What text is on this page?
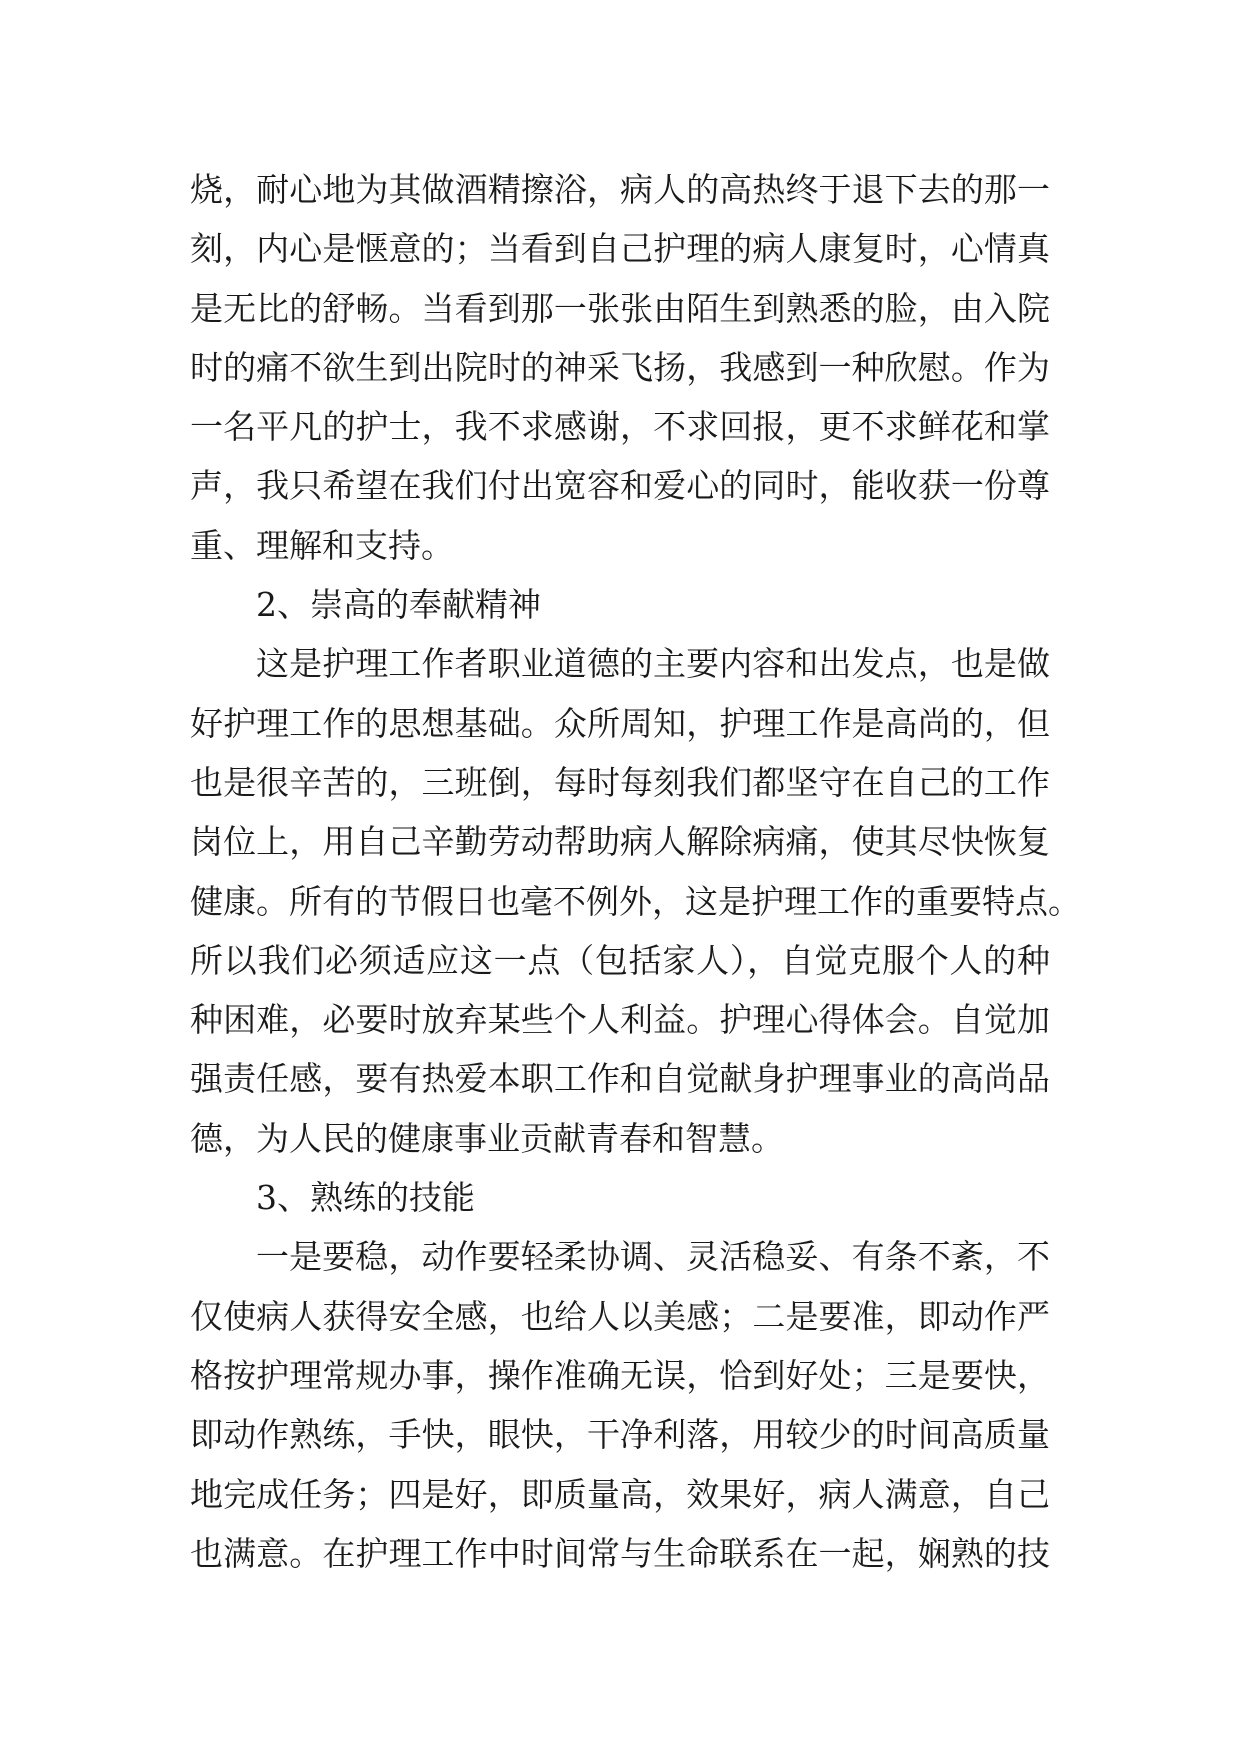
烧，耐心地为其做酒精擦浴，病人的高热终于退下去的那一
刻，内心是惬意的；当看到自己护理的病人康复时，心情真
是无比的舒畅。当看到那一张张由陌生到熟悉的脸，由入院
时的痛不欲生到出院时的神采飞扬，我感到一种欣慰。作为
一名平凡的护士，我不求感谢，不求回报，更不求鲜花和掌
声，我只希望在我们付出宽容和爱心的同时，能收获一份尊
重、理解和支持。
2、崇高的奉献精神
这是护理工作者职业道德的主要内容和出发点，也是做
好护理工作的思想基础。众所周知，护理工作是高尚的，但
也是很辛苦的，三班倒，每时每刻我们都坚守在自己的工作
岗位上，用自己辛勤劳动帮助病人解除病痛，使其尽快恢复
健康。所有的节假日也毫不例外，这是护理工作的重要特点。
所以我们必须适应这一点（包括家人），自觉克服个人的种
种困难，必要时放弃某些个人利益。护理心得体会。自觉加
强责任感，要有热爱本职工作和自觉献身护理事业的高尚品
德，为人民的健康事业贡献青春和智慧。
3、熟练的技能
一是要稳，动作要轻柔协调、灵活稳妥、有条不紊，不
仅使病人获得安全感，也给人以美感；二是要准，即动作严
格按护理常规办事，操作准确无误，恰到好处；三是要快，
即动作熟练，手快，眼快，干净利落，用较少的时间高质量
地完成任务；四是好，即质量高，效果好，病人满意，自己
也满意。在护理工作中时间常与生命联系在一起，娴熟的技
